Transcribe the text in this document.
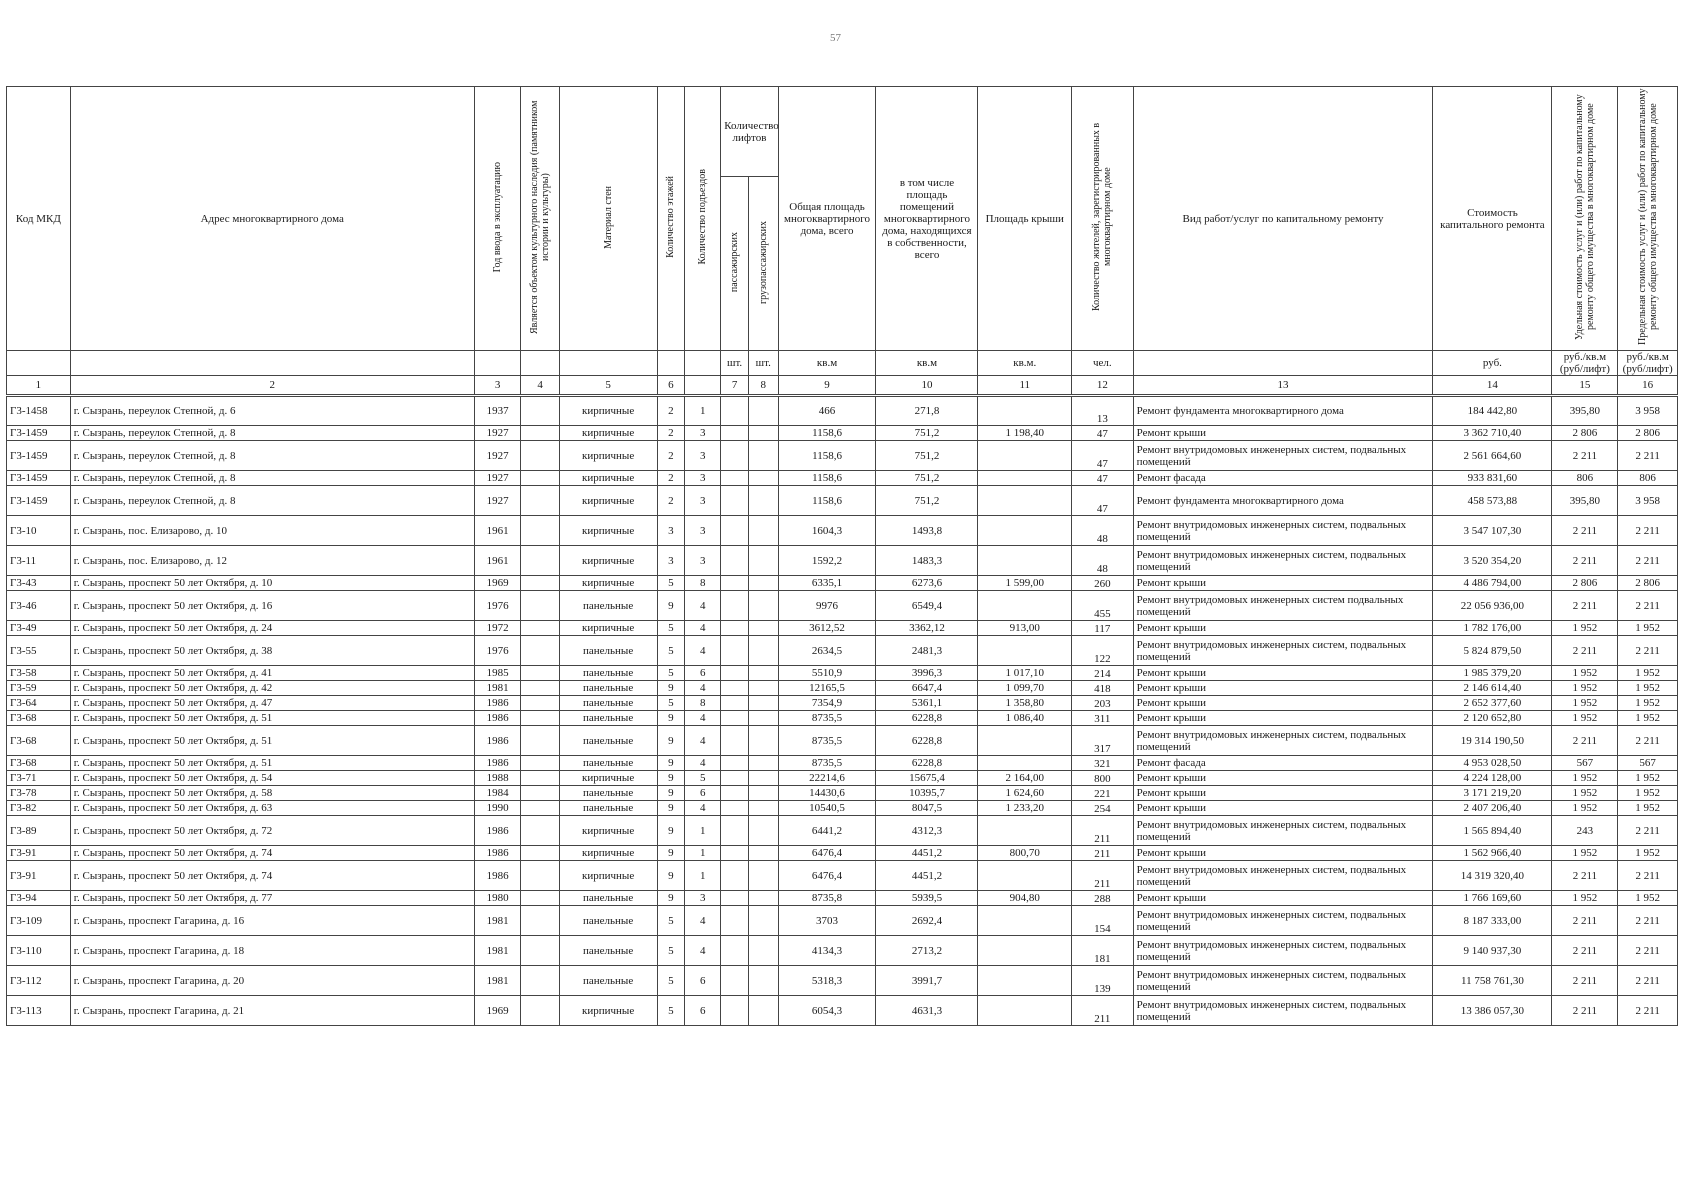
57
Код МКД	Адрес многоквартирного дома	Год ввода в эксплуатацию	Является объектом культурного наследия (памятником истории и культуры)	Материал стен	Количество этажей	Количество подъездов	Количество лифтов		Общая площадь многоквартирного дома, всего	в том числе площадь помещений многоквартирного дома, находящихся в собственности, всего	Площадь крыши	Количество жителей, зарегистрированных в многоквартирном доме	Вид работ/услуг по капитальному ремонту	Стоимость капитального ремонта	Удельная стоимость услуг и (или) работ по капитальному ремонту общего имущества в многоквартирном доме	Предельная стоимость услуг и (или) работ по капитальному ремонту общего имущества в многоквартирном доме
							пассажирских	грузопассажирских								
							шт.	шт.	кв.м	кв.м	кв.м.	чел.		руб.	руб./кв.м (руб/лифт)	руб./кв.м (руб/лифт)
1	2	3	4	5	6		7	8	9	10	11	12	13	14	15	16
Г3-1458	г. Сызрань, переулок Степной, д. 6	1937		кирпичные	2	1			466	271,8		13	Ремонт фундамента многоквартирного дома	184 442,80	395,80	3 958
Г3-1459	г. Сызрань, переулок Степной, д. 8	1927		кирпичные	2	3			1158,6	751,2	1 198,40	47	Ремонт крыши	3 362 710,40	2 806	2 806
Г3-1459	г. Сызрань, переулок Степной, д. 8	1927		кирпичные	2	3			1158,6	751,2		47	Ремонт внутридомовых инженерных систем, подвальных помещений	2 561 664,60	2 211	2 211
Г3-1459	г. Сызрань, переулок Степной, д. 8	1927		кирпичные	2	3			1158,6	751,2		47	Ремонт фасада	933 831,60	806	806
Г3-1459	г. Сызрань, переулок Степной, д. 8	1927		кирпичные	2	3			1158,6	751,2		47	Ремонт фундамента многоквартирного дома	458 573,88	395,80	3 958
Г3-10	г. Сызрань, пос. Елизарово, д. 10	1961		кирпичные	3	3			1604,3	1493,8		48	Ремонт внутридомовых инженерных систем, подвальных помещений	3 547 107,30	2 211	2 211
Г3-11	г. Сызрань, пос. Елизарово, д. 12	1961		кирпичные	3	3			1592,2	1483,3		48	Ремонт внутридомовых инженерных систем, подвальных помещений	3 520 354,20	2 211	2 211
Г3-43	г. Сызрань, проспект 50 лет Октября, д. 10	1969		кирпичные	5	8			6335,1	6273,6	1 599,00	260	Ремонт крыши	4 486 794,00	2 806	2 806
Г3-46	г. Сызрань, проспект 50 лет Октября, д. 16	1976		панельные	9	4			9976	6549,4		455	Ремонт внутридомовых инженерных систем подвальных помещений	22 056 936,00	2 211	2 211
Г3-49	г. Сызрань, проспект 50 лет Октября, д. 24	1972		кирпичные	5	4			3612,52	3362,12	913,00	117	Ремонт крыши	1 782 176,00	1 952	1 952
Г3-55	г. Сызрань, проспект 50 лет Октября, д. 38	1976		панельные	5	4			2634,5	2481,3		122	Ремонт внутридомовых инженерных систем, подвальных помещений	5 824 879,50	2 211	2 211
Г3-58	г. Сызрань, проспект 50 лет Октября, д. 41	1985		панельные	5	6			5510,9	3996,3	1 017,10	214	Ремонт крыши	1 985 379,20	1 952	1 952
Г3-59	г. Сызрань, проспект 50 лет Октября, д. 42	1981		панельные	9	4			12165,5	6647,4	1 099,70	418	Ремонт крыши	2 146 614,40	1 952	1 952
Г3-64	г. Сызрань, проспект 50 лет Октября, д. 47	1986		панельные	5	8			7354,9	5361,1	1 358,80	203	Ремонт крыши	2 652 377,60	1 952	1 952
Г3-68	г. Сызрань, проспект 50 лет Октября, д. 51	1986		панельные	9	4			8735,5	6228,8	1 086,40	311	Ремонт крыши	2 120 652,80	1 952	1 952
Г3-68	г. Сызрань, проспект 50 лет Октября, д. 51	1986		панельные	9	4			8735,5	6228,8		317	Ремонт внутридомовых инженерных систем, подвальных помещений	19 314 190,50	2 211	2 211
Г3-68	г. Сызрань, проспект 50 лет Октября, д. 51	1986		панельные	9	4			8735,5	6228,8		321	Ремонт фасада	4 953 028,50	567	567
Г3-71	г. Сызрань, проспект 50 лет Октября, д. 54	1988		кирпичные	9	5			22214,6	15675,4	2 164,00	800	Ремонт крыши	4 224 128,00	1 952	1 952
Г3-78	г. Сызрань, проспект 50 лет Октября, д. 58	1984		панельные	9	6			14430,6	10395,7	1 624,60	221	Ремонт крыши	3 171 219,20	1 952	1 952
Г3-82	г. Сызрань, проспект 50 лет Октября, д. 63	1990		панельные	9	4			10540,5	8047,5	1 233,20	254	Ремонт крыши	2 407 206,40	1 952	1 952
Г3-89	г. Сызрань, проспект 50 лет Октября, д. 72	1986		кирпичные	9	1			6441,2	4312,3		211	Ремонт внутридомовых инженерных систем, подвальных помещений	1 565 894,40	243	2 211
Г3-91	г. Сызрань, проспект 50 лет Октября, д. 74	1986		кирпичные	9	1			6476,4	4451,2	800,70	211	Ремонт крыши	1 562 966,40	1 952	1 952
Г3-91	г. Сызрань, проспект 50 лет Октября, д. 74	1986		кирпичные	9	1			6476,4	4451,2		211	Ремонт внутридомовых инженерных систем, подвальных помещений	14 319 320,40	2 211	2 211
Г3-94	г. Сызрань, проспект 50 лет Октября, д. 77	1980		панельные	9	3			8735,8	5939,5	904,80	288	Ремонт крыши	1 766 169,60	1 952	1 952
Г3-109	г. Сызрань, проспект Гагарина, д. 16	1981		панельные	5	4			3703	2692,4		154	Ремонт внутридомовых инженерных систем, подвальных помещений	8 187 333,00	2 211	2 211
Г3-110	г. Сызрань, проспект Гагарина, д. 18	1981		панельные	5	4			4134,3	2713,2		181	Ремонт внутридомовых инженерных систем, подвальных помещений	9 140 937,30	2 211	2 211
Г3-112	г. Сызрань, проспект Гагарина, д. 20	1981		панельные	5	6			5318,3	3991,7		139	Ремонт внутридомовых инженерных систем, подвальных помещений	11 758 761,30	2 211	2 211
Г3-113	г. Сызрань, проспект Гагарина, д. 21	1969		кирпичные	5	6			6054,3	4631,3		211	Ремонт внутридомовых инженерных систем, подвальных помещений	13 386 057,30	2 211	2 211
